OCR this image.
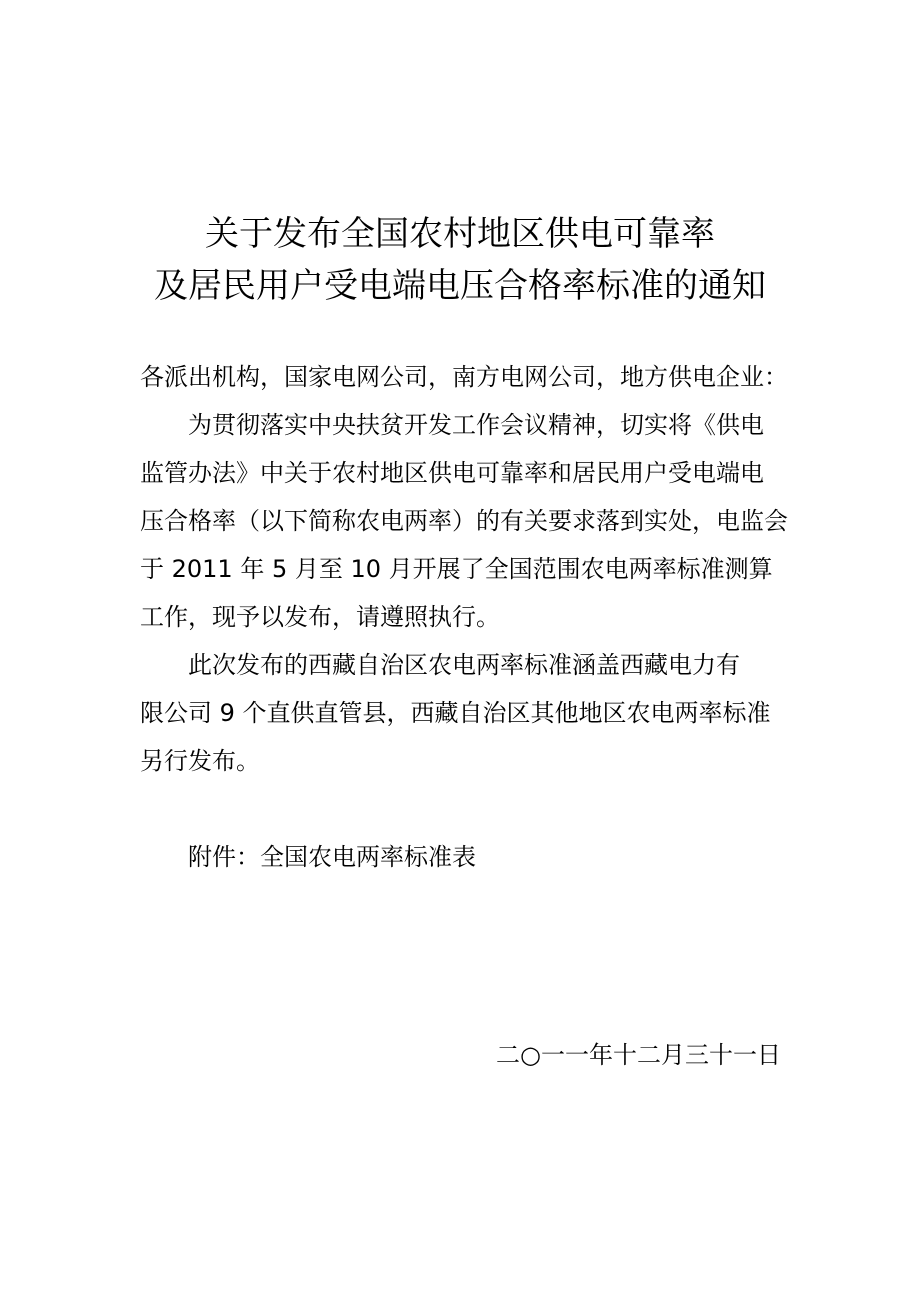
关于发布全国农村地区供电可靠率
及居民用户受电端电压合格率标准的通知
各派出机构，国家电网公司，南方电网公司，地方供电企业：
为贯彻落实中央扶贫开发工作会议精神，切实将《供电
监管办法》中关于农村地区供电可靠率和居民用户受电端电
压合格率（以下简称农电两率）的有关要求落到实处，电监会
于 2011 年 5 月至 10 月开展了全国范围农电两率标准测算
工作，现予以发布，请遵照执行。
此次发布的西藏自治区农电两率标准涵盖西藏电力有
限公司 9 个直供直管县，西藏自治区其他地区农电两率标准
另行发布。
附件：全国农电两率标准表
二○一一年十二月三十一日
